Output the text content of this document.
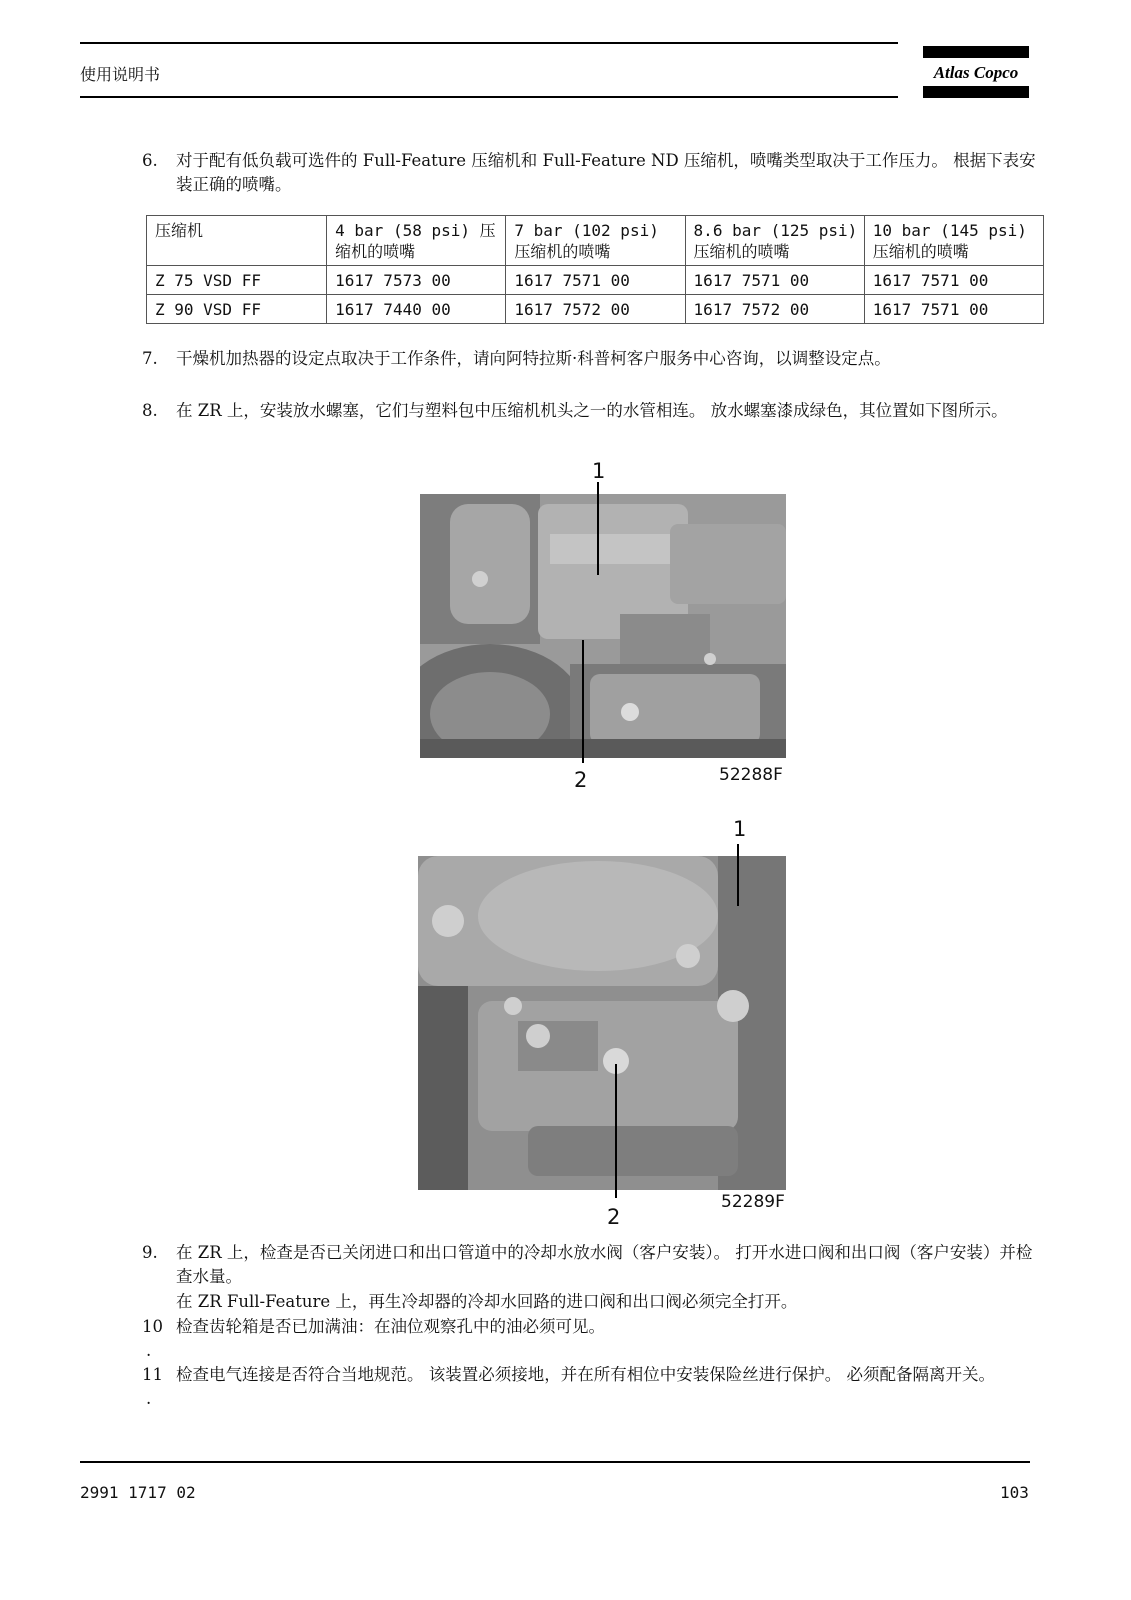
使用说明书	Atlas Copco
6.	对于配有低负载可选件的 Full-Feature 压缩机和 Full-Feature ND 压缩机，喷嘴类型取决于工作压力。 根据下表安装正确的喷嘴。
压缩机	4 bar (58 psi) 压缩机的喷嘴	7 bar (102 psi) 压缩机的喷嘴	8.6 bar (125 psi) 压缩机的喷嘴	10 bar (145 psi) 压缩机的喷嘴
Z 75 VSD FF	1617 7573 00	1617 7571 00	1617 7571 00	1617 7571 00
Z 90 VSD FF	1617 7440 00	1617 7572 00	1617 7572 00	1617 7571 00
7.	干燥机加热器的设定点取决于工作条件，请向阿特拉斯·科普柯客户服务中心咨询，以调整设定点。
8.	在 ZR 上，安装放水螺塞，它们与塑料包中压缩机机头之一的水管相连。 放水螺塞漆成绿色，其位置如下图所示。
1
2	52288F
1
2
52289F
9.	在 ZR 上，检查是否已关闭进口和出口管道中的冷却水放水阀（客户安装）。 打开水进口阀和出口阀（客户安装）并检查水量。
在 ZR Full-Feature 上，再生冷却器的冷却水回路的进口阀和出口阀必须完全打开。
10
.
检查齿轮箱是否已加满油：在油位观察孔中的油必须可见。
11
.
检查电气连接是否符合当地规范。 该装置必须接地，并在所有相位中安装保险丝进行保护。 必须配备隔离开关。
2991 1717 02	103
